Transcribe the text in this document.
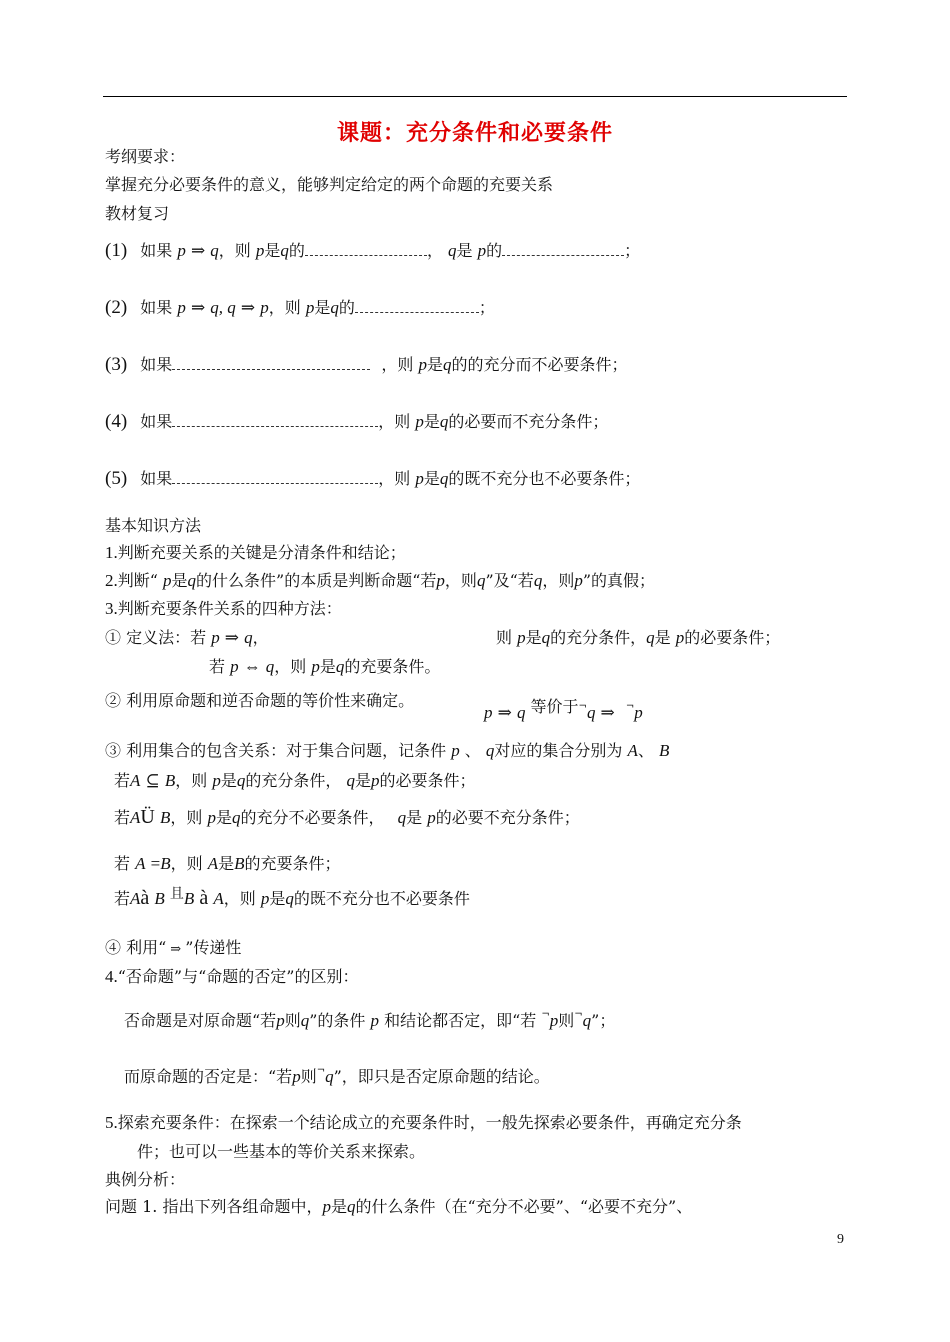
课题：充分条件和必要条件
考纲要求：
掌握充分必要条件的意义，能够判定给定的两个命题的充要关系
教材复习
(1) 如果 p ⇒ q，则 p是q的	， q是 p的	；
(2) 如果 p ⇒ q, q ⇒ p，则 p是q的	；
(3) 如果	，则 p是q的的充分而不必要条件；
(4) 如果	，则 p是q的必要而不充分条件；
(5) 如果	，则 p是q的既不充分也不必要条件；
基本知识方法
1.判断充要关系的关键是分清条件和结论；
2.判断“ p是q的什么条件”的本质是判断命题“若p，则q”及“若q，则p”的真假；
3.判断充要条件关系的四种方法：
① 定义法：若 p ⇒ q，	则 p是q的充分条件，q是 p的必要条件；
若 p ⇔ q，则 p是q的充要条件。
② 利用原命题和逆否命题的等价性来确定。
p ⇒ q 等价于¬q ⇒ ¬p
③ 利用集合的包含关系：对于集合问题，记条件 p 、 q对应的集合分别为 A、 B
若A ⊆ B，则 p是q的充分条件， q是p的必要条件；
若AÜ B，则 p是q的充分不必要条件， q是 p的必要不充分条件；
若 A =B，则 A是B的充要条件；
若Aà B 且B à A，则 p是q的既不充分也不必要条件
④ 利用“ ⇒ ”传递性
4.“否命题”与“命题的否定”的区别：
否命题是对原命题“若p则q”的条件 p 和结论都否定，即“若 ¬p则¬q”；
而原命题的否定是：“若p则¬q”，即只是否定原命题的结论。
5.探索充要条件：在探索一个结论成立的充要条件时，一般先探索必要条件，再确定充分条
件；也可以一些基本的等价关系来探索。
典例分析：
问题 1. 指出下列各组命题中，p是q的什么条件（在“充分不必要”、“必要不充分”、
9
